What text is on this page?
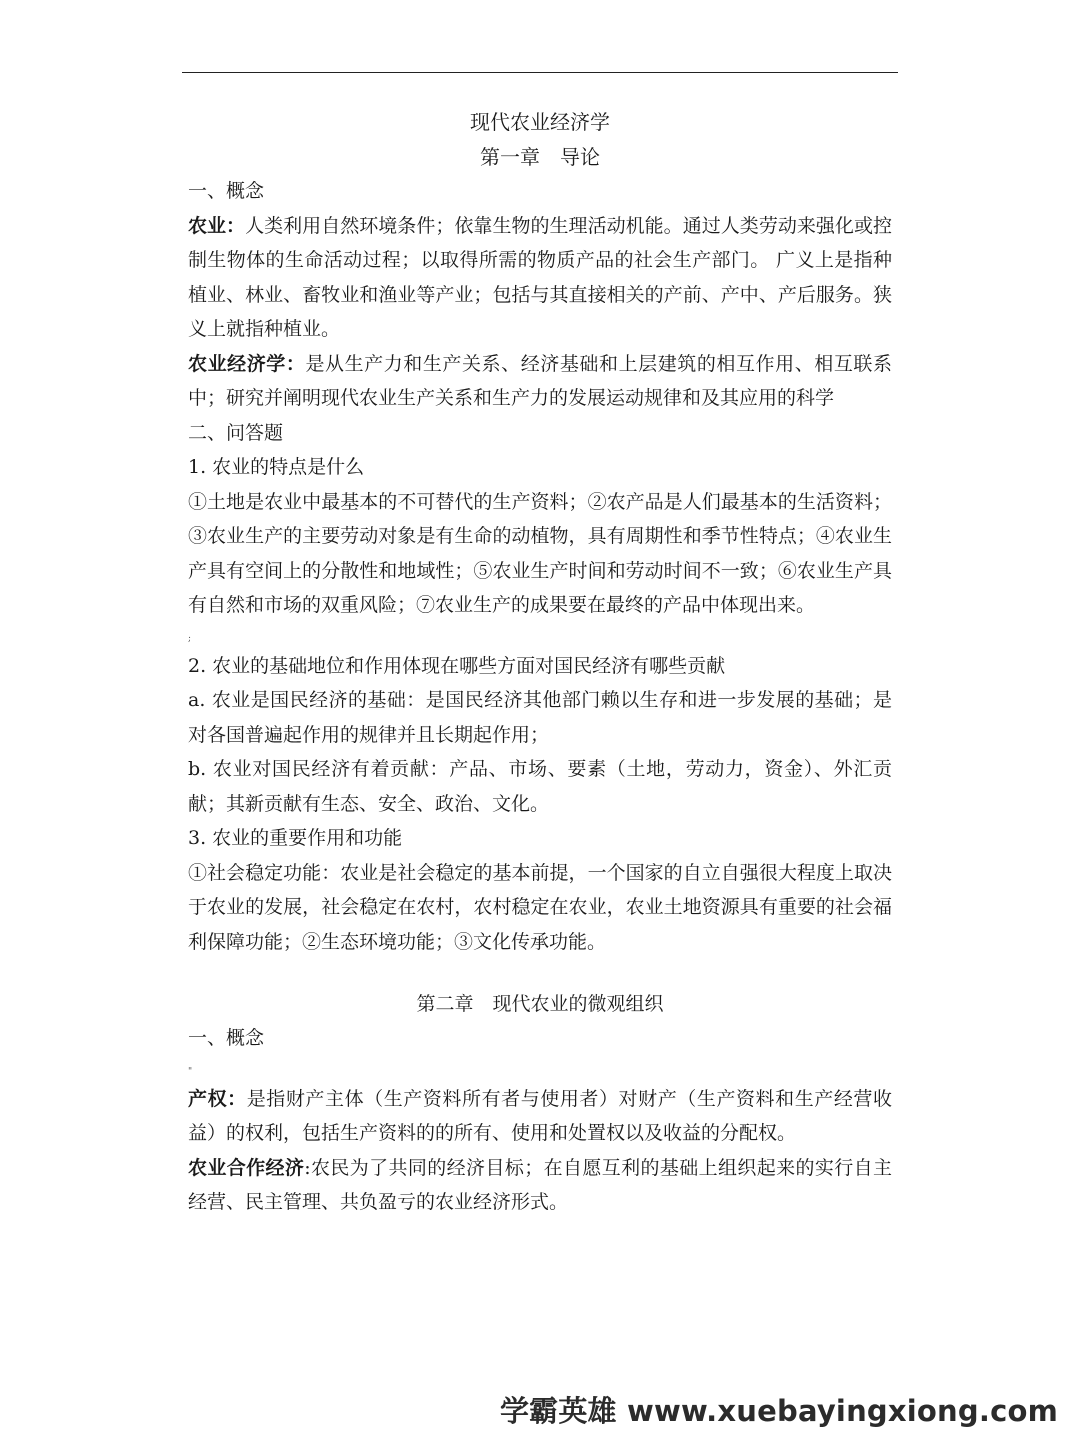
现代农业经济学

第一章　导论

一、概念

农业：人类利用自然环境条件；依靠生物的生理活动机能。通过人类劳动来强化或控制生物体的生命活动过程；以取得所需的物质产品的社会生产部门。 广义上是指种植业、林业、畜牧业和渔业等产业；包括与其直接相关的产前、产中、产后服务。狭义上就指种植业。

农业经济学：是从生产力和生产关系、经济基础和上层建筑的相互作用、相互联系中；研究并阐明现代农业生产关系和生产力的发展运动规律和及其应用的科学

二、问答题

1. 农业的特点是什么

①土地是农业中最基本的不可替代的生产资料；②农产品是人们最基本的生活资料；③农业生产的主要劳动对象是有生命的动植物，具有周期性和季节性特点；④农业生产具有空间上的分散性和地域性；⑤农业生产时间和劳动时间不一致；⑥农业生产具有自然和市场的双重风险；⑦农业生产的成果要在最终的产品中体现出来。

;

2. 农业的基础地位和作用体现在哪些方面对国民经济有哪些贡献

a. 农业是国民经济的基础：是国民经济其他部门赖以生存和进一步发展的基础；是对各国普遍起作用的规律并且长期起作用；

b. 农业对国民经济有着贡献：产品、市场、要素（土地，劳动力，资金）、外汇贡献；其新贡献有生态、安全、政治、文化。

3. 农业的重要作用和功能

①社会稳定功能：农业是社会稳定的基本前提，一个国家的自立自强很大程度上取决于农业的发展，社会稳定在农村，农村稳定在农业，农业土地资源具有重要的社会福利保障功能；②生态环境功能；③文化传承功能。

第二章　现代农业的微观组织

一、概念

"

产权：是指财产主体（生产资料所有者与使用者）对财产（生产资料和生产经营收益）的权利，包括生产资料的的所有、使用和处置权以及收益的分配权。

农业合作经济:农民为了共同的经济目标；在自愿互利的基础上组织起来的实行自主经营、民主管理、共负盈亏的农业经济形式。

学霸英雄 www.xuebayingxiong.com
